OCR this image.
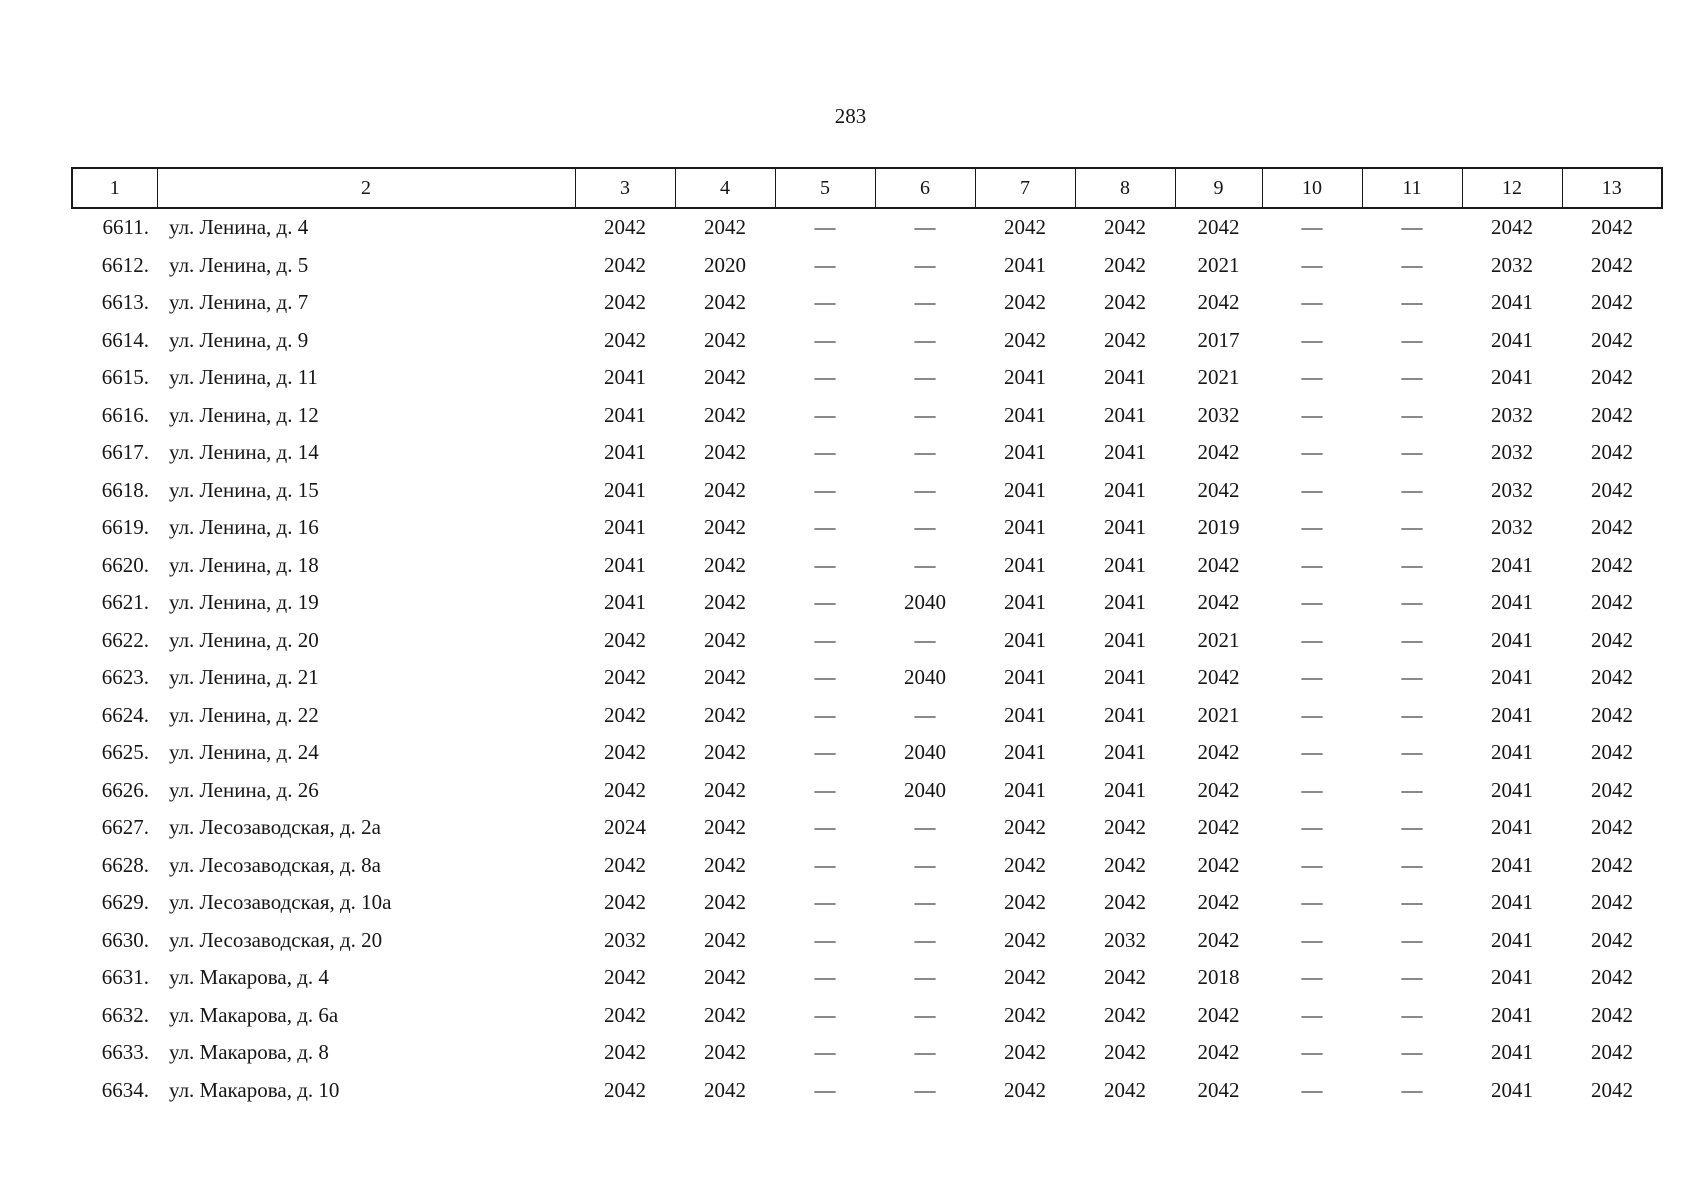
283
1	2	3	4	5	6	7	8	9	10	11	12	13
6611.	ул. Ленина, д. 4	2042	2042	—	—	2042	2042	2042	—	—	2042	2042
6612.	ул. Ленина, д. 5	2042	2020	—	—	2041	2042	2021	—	—	2032	2042
6613.	ул. Ленина, д. 7	2042	2042	—	—	2042	2042	2042	—	—	2041	2042
6614.	ул. Ленина, д. 9	2042	2042	—	—	2042	2042	2017	—	—	2041	2042
6615.	ул. Ленина, д. 11	2041	2042	—	—	2041	2041	2021	—	—	2041	2042
6616.	ул. Ленина, д. 12	2041	2042	—	—	2041	2041	2032	—	—	2032	2042
6617.	ул. Ленина, д. 14	2041	2042	—	—	2041	2041	2042	—	—	2032	2042
6618.	ул. Ленина, д. 15	2041	2042	—	—	2041	2041	2042	—	—	2032	2042
6619.	ул. Ленина, д. 16	2041	2042	—	—	2041	2041	2019	—	—	2032	2042
6620.	ул. Ленина, д. 18	2041	2042	—	—	2041	2041	2042	—	—	2041	2042
6621.	ул. Ленина, д. 19	2041	2042	—	2040	2041	2041	2042	—	—	2041	2042
6622.	ул. Ленина, д. 20	2042	2042	—	—	2041	2041	2021	—	—	2041	2042
6623.	ул. Ленина, д. 21	2042	2042	—	2040	2041	2041	2042	—	—	2041	2042
6624.	ул. Ленина, д. 22	2042	2042	—	—	2041	2041	2021	—	—	2041	2042
6625.	ул. Ленина, д. 24	2042	2042	—	2040	2041	2041	2042	—	—	2041	2042
6626.	ул. Ленина, д. 26	2042	2042	—	2040	2041	2041	2042	—	—	2041	2042
6627.	ул. Лесозаводская, д. 2а	2024	2042	—	—	2042	2042	2042	—	—	2041	2042
6628.	ул. Лесозаводская, д. 8а	2042	2042	—	—	2042	2042	2042	—	—	2041	2042
6629.	ул. Лесозаводская, д. 10а	2042	2042	—	—	2042	2042	2042	—	—	2041	2042
6630.	ул. Лесозаводская, д. 20	2032	2042	—	—	2042	2032	2042	—	—	2041	2042
6631.	ул. Макарова, д. 4	2042	2042	—	—	2042	2042	2018	—	—	2041	2042
6632.	ул. Макарова, д. 6а	2042	2042	—	—	2042	2042	2042	—	—	2041	2042
6633.	ул. Макарова, д. 8	2042	2042	—	—	2042	2042	2042	—	—	2041	2042
6634.	ул. Макарова, д. 10	2042	2042	—	—	2042	2042	2042	—	—	2041	2042
